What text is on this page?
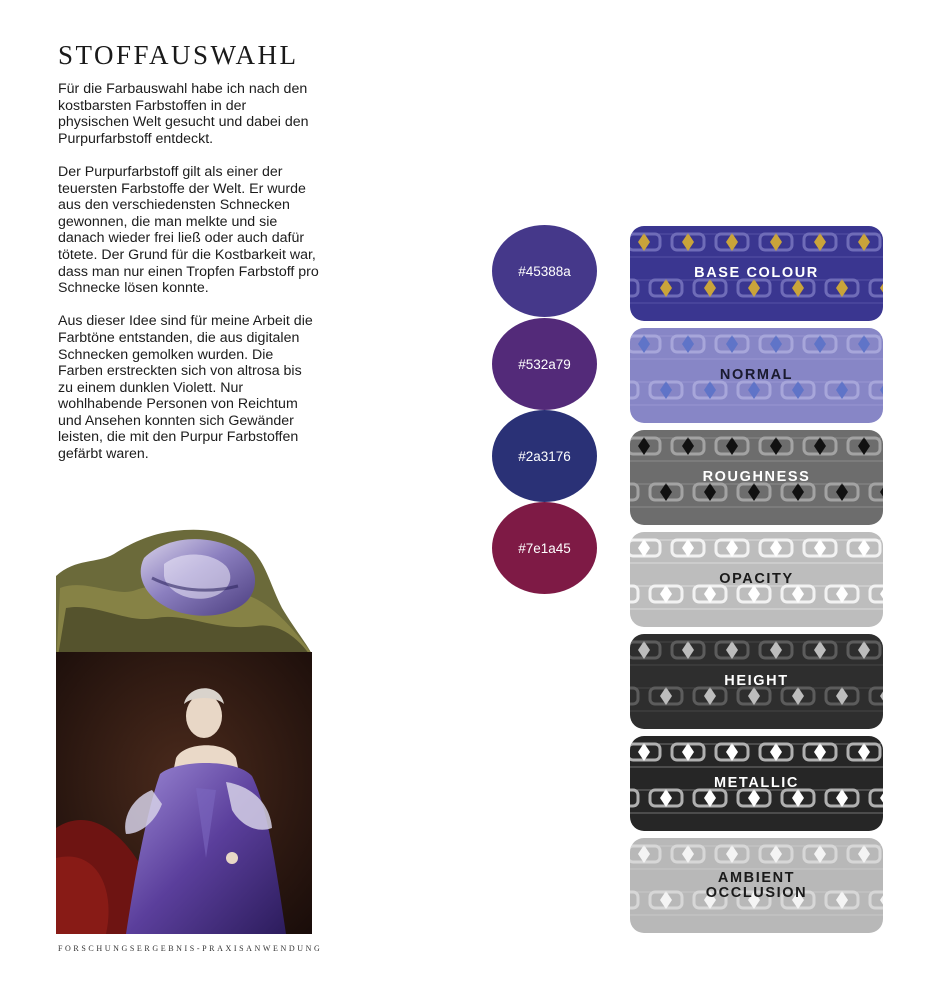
STOFFAUSWAHL

Für die Farbauswahl habe ich nach den kostbarsten Farbstoffen in der physischen Welt gesucht und dabei den Purpurfarbstoff entdeckt.

Der Purpurfarbstoff gilt als einer der teuersten Farbstoffe der Welt. Er wurde aus den verschiedensten Schnecken gewonnen, die man melkte und sie danach wieder frei ließ oder auch dafür tötete. Der Grund für die Kostbarkeit war, dass man nur einen Tropfen Farbstoff pro Schnecke lösen konnte.

Aus dieser Idee sind für meine Arbeit die Farbtöne entstanden, die aus digitalen Schnecken gemolken wurden. Die Farben erstreckten sich von altrosa bis zu einem dunklen Violett. Nur wohlhabende Personen von Reichtum und Ansehen konnten sich Gewänder leisten, die mit den Purpur Farbstoffen gefärbt waren.

FORSCHUNGSERGEBNIS-PRAXISANWENDUNG
#45388a
#532a79
#2a3176
#7e1a45
BASE COLOUR
NORMAL
ROUGHNESS
OPACITY
HEIGHT
METALLIC
AMBIENT
OCCLUSION
